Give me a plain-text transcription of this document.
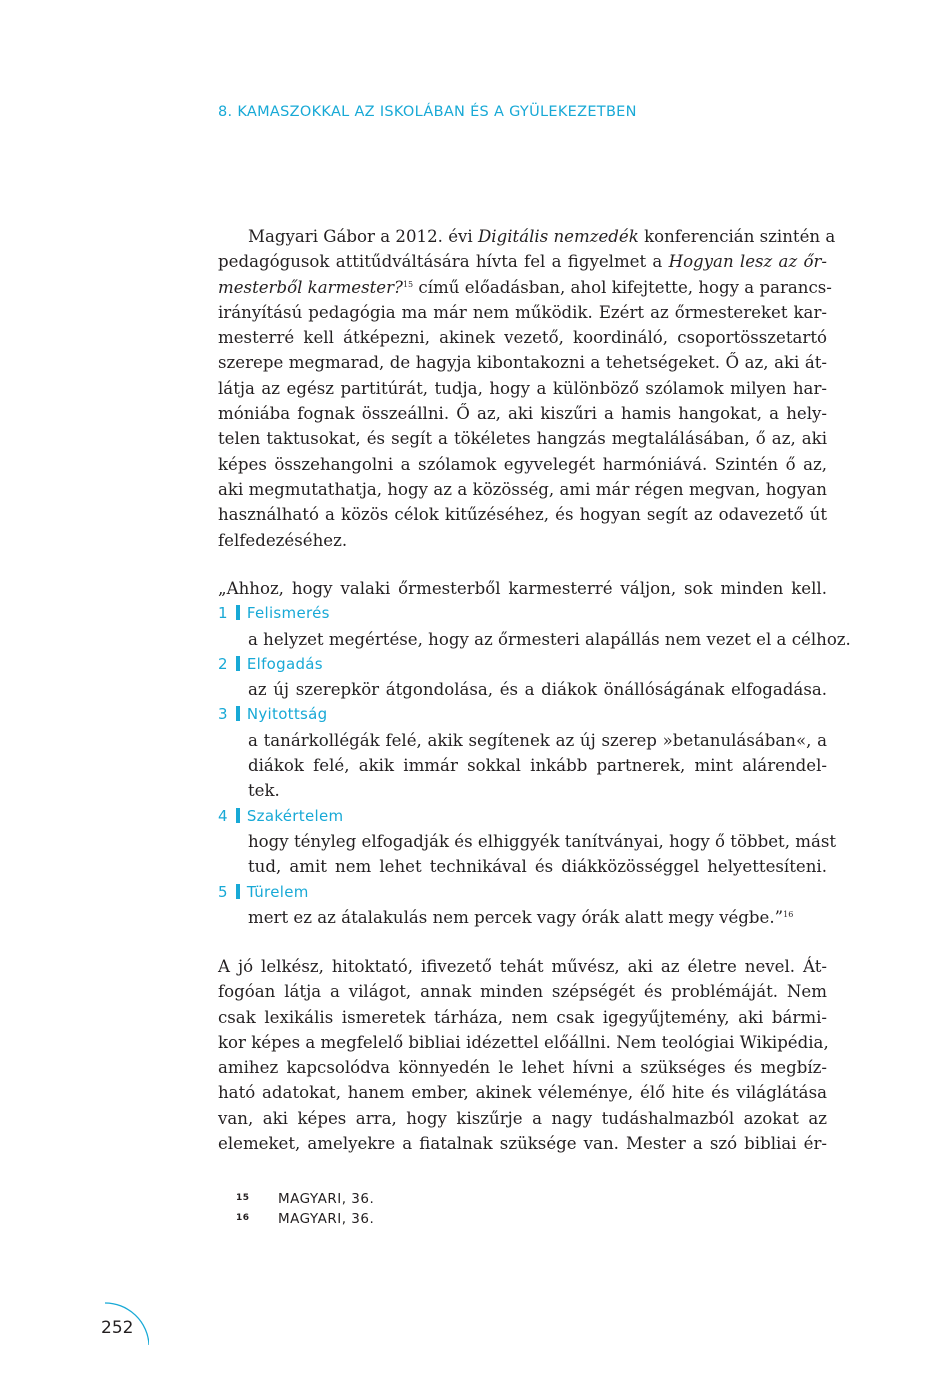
8. KAMASZOKKAL AZ ISKOLÁBAN ÉS A GYÜLEKEZETBEN
Magyari Gábor a 2012. évi Digitális nemzedék konferencián szintén a
pedagógusok attitűdváltására hívta fel a figyelmet a Hogyan lesz az őr-
mesterből karmester?$^{15}$ című előadásban, ahol kifejtette, hogy a parancs-
irányítású pedagógia ma már nem működik. Ezért az őrmestereket kar-
mesterré kell átképezni, akinek vezető, koordináló, csoportösszetartó
szerepe megmarad, de hagyja kibontakozni a tehetségeket. Ő az, aki át-
látja az egész partitúrát, tudja, hogy a különböző szólamok milyen har-
móniába fognak összeállni. Ő az, aki kiszűri a hamis hangokat, a hely-
telen taktusokat, és segít a tökéletes hangzás megtalálásában, ő az, aki
képes összehangolni a szólamok egyvelegét harmóniává. Szintén ő az,
aki megmutathatja, hogy az a közösség, ami már régen megvan, hogyan
használható a közös célok kitűzéséhez, és hogyan segít az odavezető út
felfedezéséhez.
„Ahhoz, hogy valaki őrmesterből karmesterré váljon, sok minden kell.
1 Felismerés
a helyzet megértése, hogy az őrmesteri alapállás nem vezet el a célhoz.
2 Elfogadás
az új szerepkör átgondolása, és a diákok önállóságának elfogadása.
3 Nyitottság
a tanárkollégák felé, akik segítenek az új szerep »betanulásában«, a
diákok felé, akik immár sokkal inkább partnerek, mint alárendel-
tek.
4 Szakértelem
hogy tényleg elfogadják és elhiggyék tanítványai, hogy ő többet, mást
tud, amit nem lehet technikával és diákközösséggel helyettesíteni.
5 Türelem
mert ez az átalakulás nem percek vagy órák alatt megy végbe.”$^{16}$
A jó lelkész, hitoktató, ifivezető tehát művész, aki az életre nevel. Át-
fogóan látja a világot, annak minden szépségét és problémáját. Nem
csak lexikális ismeretek tárháza, nem csak igegyűjtemény, aki bármi-
kor képes a megfelelő bibliai idézettel előállni. Nem teológiai Wikipédia,
amihez kapcsolódva könnyedén le lehet hívni a szükséges és megbíz-
ható adatokat, hanem ember, akinek véleménye, élő hite és világlátása
van, aki képes arra, hogy kiszűrje a nagy tudáshalmazból azokat az
elemeket, amelyekre a fiatalnak szüksége van. Mester a szó bibliai ér-
15 MAGYARI, 36.
16 MAGYARI, 36.
252
